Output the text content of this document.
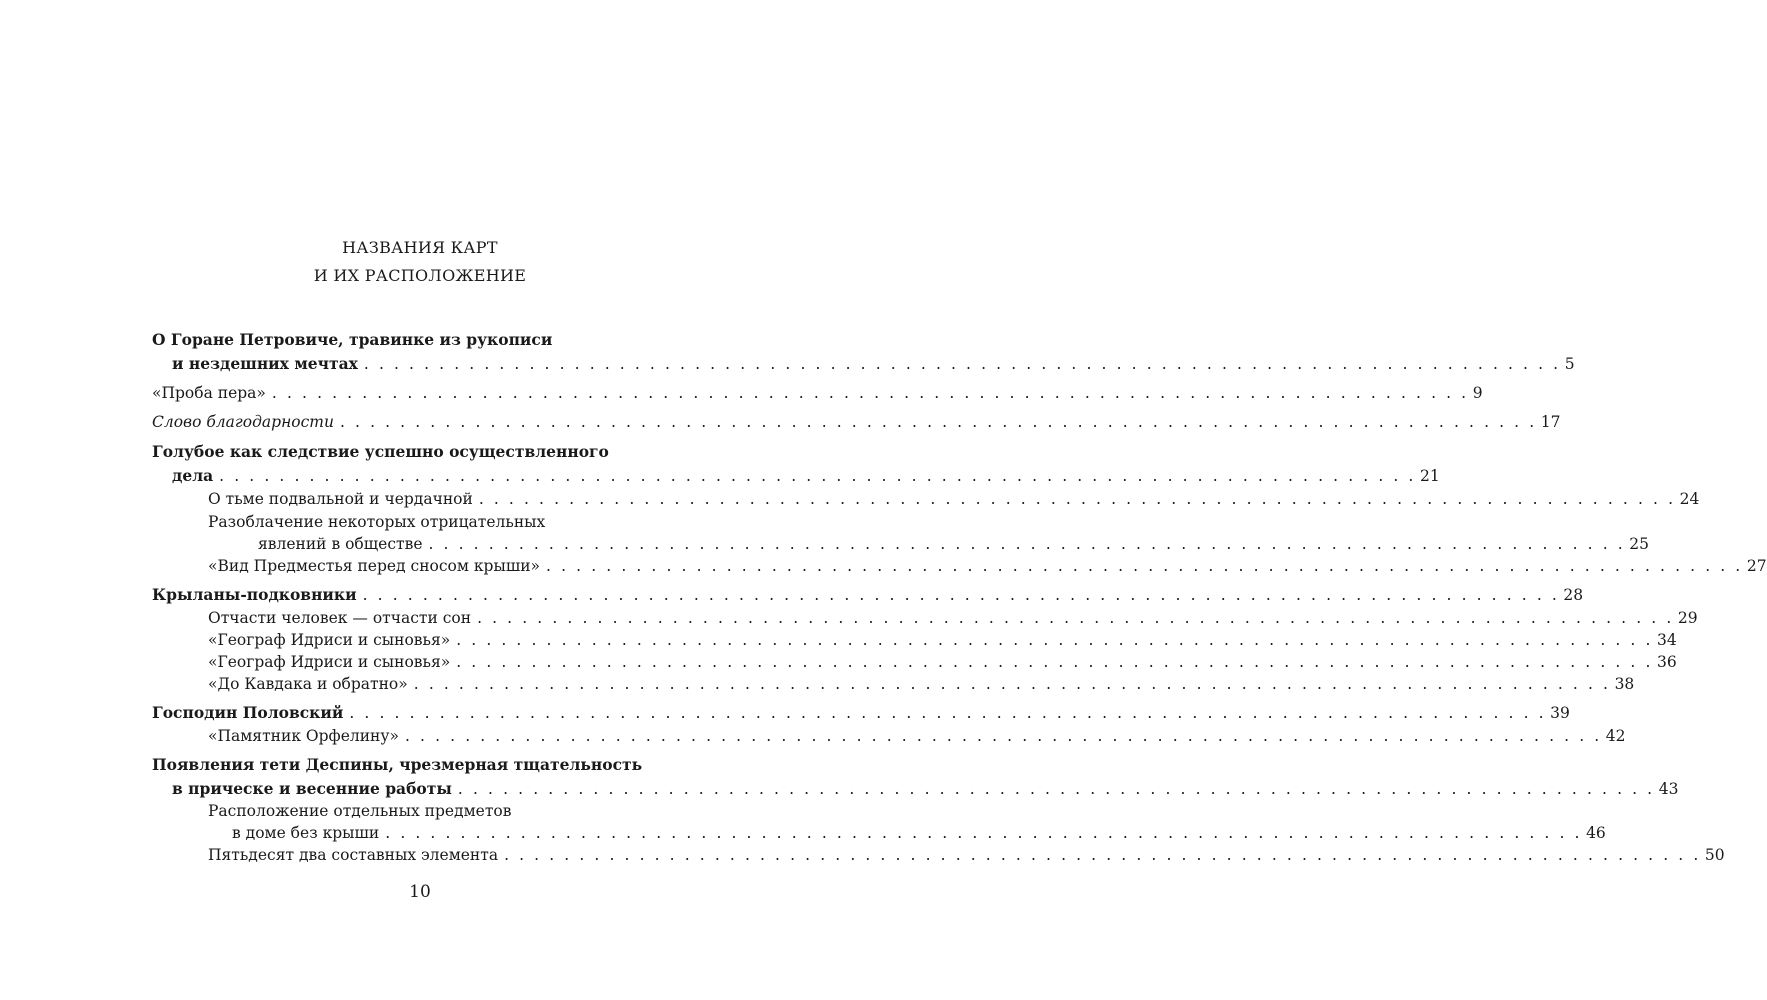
НАЗВАНИЯ КАРТ
И ИХ РАСПОЛОЖЕНИЕ
О Горане Петровиче, травинке из рукописи
и нездешних мечтах . . . . . . . . . . . . . . . . . . . . . . . . . . . . . . . . . . . . . . . . . . . . . . . . . . . . . . . . . . . . . . . . . . . . . . . . . . . . . . . . 5
«Проба пера» . . . . . . . . . . . . . . . . . . . . . . . . . . . . . . . . . . . . . . . . . . . . . . . . . . . . . . . . . . . . . . . . . . . . . . . . . . . . . . . . 9
Слово благодарности . . . . . . . . . . . . . . . . . . . . . . . . . . . . . . . . . . . . . . . . . . . . . . . . . . . . . . . . . . . . . . . . . . . . . . . . . . . . . . . . 17
Голубое как следствие успешно осуществленного
дела . . . . . . . . . . . . . . . . . . . . . . . . . . . . . . . . . . . . . . . . . . . . . . . . . . . . . . . . . . . . . . . . . . . . . . . . . . . . . . . . 21
О тьме подвальной и чердачной . . . . . . . . . . . . . . . . . . . . . . . . . . . . . . . . . . . . . . . . . . . . . . . . . . . . . . . . . . . . . . . . . . . . . . . . . . . . . . . . 24
Разоблачение некоторых отрицательных
явлений в обществе . . . . . . . . . . . . . . . . . . . . . . . . . . . . . . . . . . . . . . . . . . . . . . . . . . . . . . . . . . . . . . . . . . . . . . . . . . . . . . . . 25
«Вид Предместья перед сносом крыши» . . . . . . . . . . . . . . . . . . . . . . . . . . . . . . . . . . . . . . . . . . . . . . . . . . . . . . . . . . . . . . . . . . . . . . . . . . . . . . . . 27
Крыланы-подковники . . . . . . . . . . . . . . . . . . . . . . . . . . . . . . . . . . . . . . . . . . . . . . . . . . . . . . . . . . . . . . . . . . . . . . . . . . . . . . . . 28
Отчасти человек — отчасти сон . . . . . . . . . . . . . . . . . . . . . . . . . . . . . . . . . . . . . . . . . . . . . . . . . . . . . . . . . . . . . . . . . . . . . . . . . . . . . . . . 29
«Географ Идриси и сыновья» . . . . . . . . . . . . . . . . . . . . . . . . . . . . . . . . . . . . . . . . . . . . . . . . . . . . . . . . . . . . . . . . . . . . . . . . . . . . . . . . 34
«Географ Идриси и сыновья» . . . . . . . . . . . . . . . . . . . . . . . . . . . . . . . . . . . . . . . . . . . . . . . . . . . . . . . . . . . . . . . . . . . . . . . . . . . . . . . . 36
«До Кавдака и обратно» . . . . . . . . . . . . . . . . . . . . . . . . . . . . . . . . . . . . . . . . . . . . . . . . . . . . . . . . . . . . . . . . . . . . . . . . . . . . . . . . 38
Господин Половский . . . . . . . . . . . . . . . . . . . . . . . . . . . . . . . . . . . . . . . . . . . . . . . . . . . . . . . . . . . . . . . . . . . . . . . . . . . . . . . . 39
«Памятник Орфелину» . . . . . . . . . . . . . . . . . . . . . . . . . . . . . . . . . . . . . . . . . . . . . . . . . . . . . . . . . . . . . . . . . . . . . . . . . . . . . . . . 42
Появления тети Деспины, чрезмерная тщательность
в прическе и весенние работы . . . . . . . . . . . . . . . . . . . . . . . . . . . . . . . . . . . . . . . . . . . . . . . . . . . . . . . . . . . . . . . . . . . . . . . . . . . . . . . . 43
Расположение отдельных предметов
в доме без крыши . . . . . . . . . . . . . . . . . . . . . . . . . . . . . . . . . . . . . . . . . . . . . . . . . . . . . . . . . . . . . . . . . . . . . . . . . . . . . . . . 46
Пятьдесят два составных элемента . . . . . . . . . . . . . . . . . . . . . . . . . . . . . . . . . . . . . . . . . . . . . . . . . . . . . . . . . . . . . . . . . . . . . . . . . . . . . . . . 50
10
